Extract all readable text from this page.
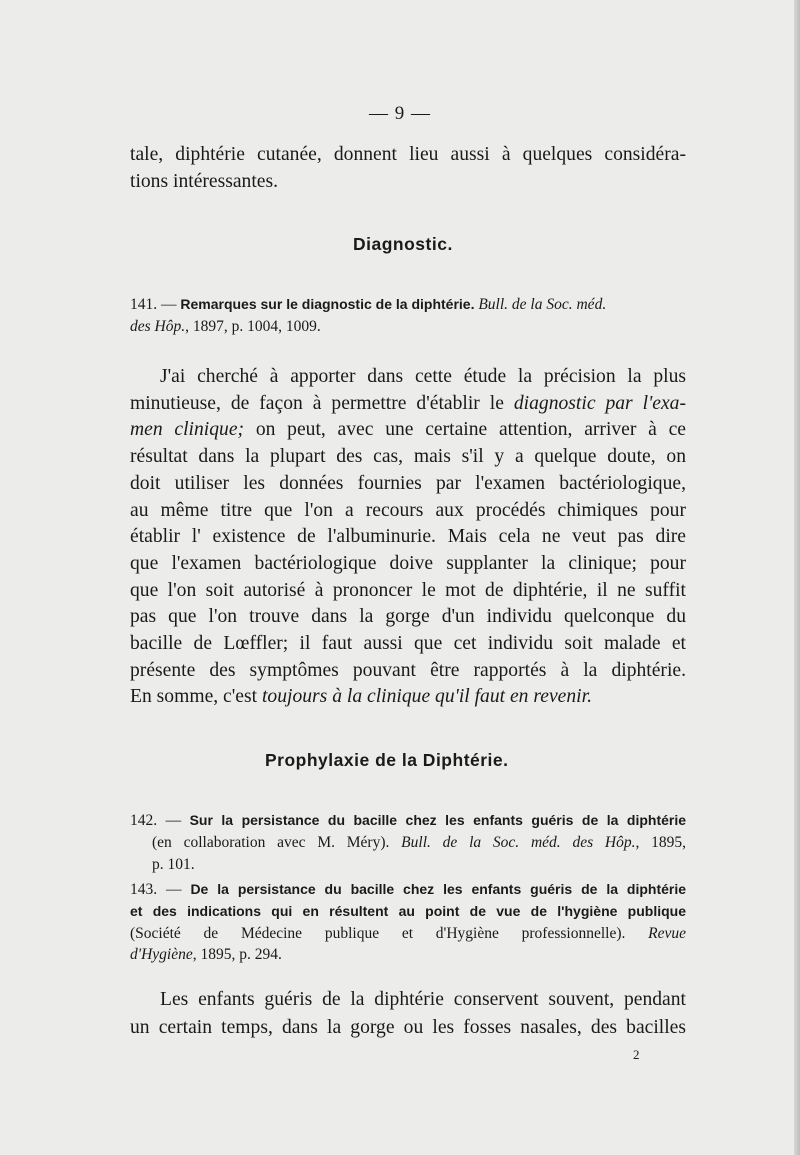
— 9 —

tale, diphtérie cutanée, donnent lieu aussi à quelques considéra-
tions intéressantes.

Diagnostic.
141. — Remarques sur le diagnostic de la diphtérie. Bull. de la Soc. méd.
des Hôp., 1897, p. 1004, 1009.

J'ai cherché à apporter dans cette étude la précision la plus
minutieuse, de façon à permettre d'établir le diagnostic par l'exa-
men clinique; on peut, avec une certaine attention, arriver à ce
résultat dans la plupart des cas, mais s'il y a quelque doute, on
doit utiliser les données fournies par l'examen bactériologique,
au même titre que l'on a recours aux procédés chimiques pour
établir l' existence de l'albuminurie. Mais cela ne veut pas dire
que l'examen bactériologique doive supplanter la clinique; pour
que l'on soit autorisé à prononcer le mot de diphtérie, il ne suffit
pas que l'on trouve dans la gorge d'un individu quelconque du
bacille de Lœffler; il faut aussi que cet individu soit malade et
présente des symptômes pouvant être rapportés à la diphtérie.
En somme, c'est toujours à la clinique qu'il faut en revenir.

Prophylaxie de la Diphtérie.
142. — Sur la persistance du bacille chez les enfants guéris de la diphtérie
(en collaboration avec M. Méry). Bull. de la Soc. méd. des Hôp., 1895,
p. 101.
143. — De la persistance du bacille chez les enfants guéris de la diphtérie
et des indications qui en résultent au point de vue de l'hygiène publique
(Société de Médecine publique et d'Hygiène professionnelle). Revue
d'Hygiène, 1895, p. 294.

Les enfants guéris de la diphtérie conservent souvent, pendant
un certain temps, dans la gorge ou les fosses nasales, des bacilles

2
